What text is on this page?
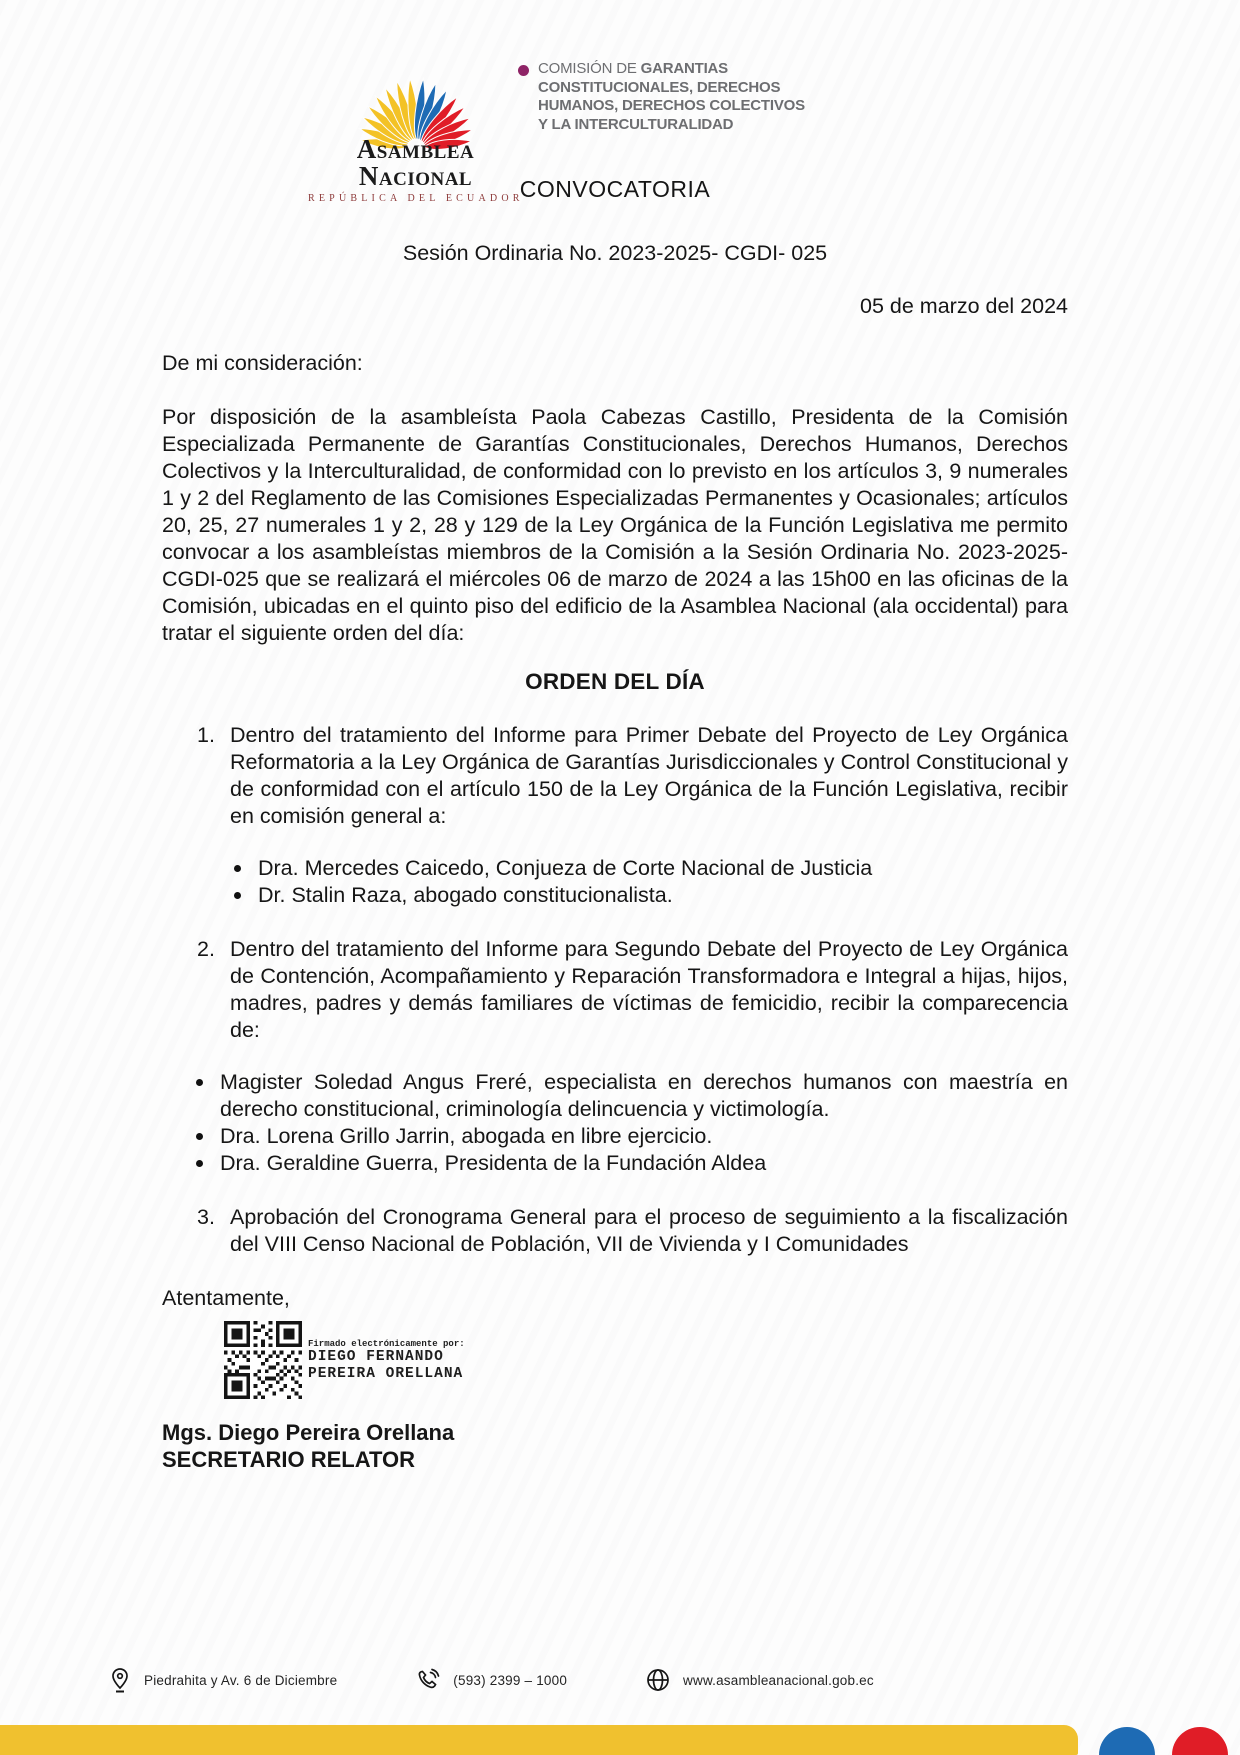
Asamblea Nacional
REPÚBLICA DEL ECUADOR
COMISIÓN DE GARANTIAS
CONSTITUCIONALES, DERECHOS
HUMANOS, DERECHOS COLECTIVOS
Y LA INTERCULTURALIDAD
CONVOCATORIA

Sesión Ordinaria No. 2023-2025- CGDI- 025

05 de marzo del 2024

De mi consideración:

Por disposición de la asambleísta Paola Cabezas Castillo, Presidenta de la Comisión Especializada Permanente de Garantías Constitucionales, Derechos Humanos, Derechos Colectivos y la Interculturalidad, de conformidad con lo previsto en los artículos 3, 9 numerales 1 y 2 del Reglamento de las Comisiones Especializadas Permanentes y Ocasionales; artículos 20, 25, 27 numerales 1 y 2, 28 y 129 de la Ley Orgánica de la Función Legislativa me permito convocar a los asambleístas miembros de la Comisión a la Sesión Ordinaria No. 2023-2025- CGDI-025 que se realizará el miércoles 06 de marzo de 2024 a las 15h00 en las oficinas de la Comisión, ubicadas en el quinto piso del edificio de la Asamblea Nacional (ala occidental) para tratar el siguiente orden del día:

ORDEN DEL DÍA
1. Dentro del tratamiento del Informe para Primer Debate del Proyecto de Ley Orgánica Reformatoria a la Ley Orgánica de Garantías Jurisdiccionales y Control Constitucional y de conformidad con el artículo 150 de la Ley Orgánica de la Función Legislativa, recibir en comisión general a:

Dra. Mercedes Caicedo, Conjueza de Corte Nacional de Justicia

Dr. Stalin Raza, abogado constitucionalista.

2. Dentro del tratamiento del Informe para Segundo Debate del Proyecto de Ley Orgánica de Contención, Acompañamiento y Reparación Transformadora e Integral a hijas, hijos, madres, padres y demás familiares de víctimas de femicidio, recibir la comparecencia de:

Magister Soledad Angus Freré, especialista en derechos humanos con maestría en derecho constitucional, criminología delincuencia y victimología.

Dra. Lorena Grillo Jarrin, abogada en libre ejercicio.

Dra. Geraldine Guerra, Presidenta de la Fundación Aldea

3. Aprobación del Cronograma General para el proceso de seguimiento a la fiscalización del VIII Censo Nacional de Población, VII de Vivienda y I Comunidades

Atentamente,

Firmado electrónicamente por:
DIEGO FERNANDO
PEREIRA ORELLANA
Mgs. Diego Pereira Orellana
SECRETARIO RELATOR
Piedrahita y Av. 6 de Diciembre	(593) 2399 – 1000	www.asambleanacional.gob.ec
